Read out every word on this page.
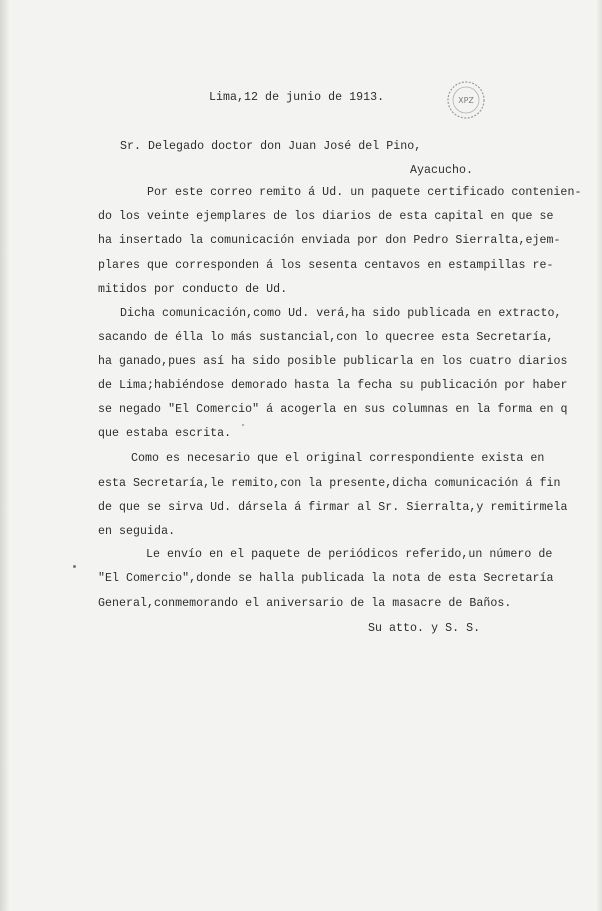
Lima,12 de junio de 1913.	XPZ
Sr. Delegado doctor don Juan José del Pino,
Ayacucho.
Por este correo remito á Ud. un paquete certificado contenien-
do los veinte ejemplares de los diarios de esta capital en que se
ha insertado la comunicación enviada por don Pedro Sierralta,ejem-
plares que corresponden á los sesenta centavos en estampillas re-
mitidos por conducto de Ud.
Dicha comunicación,como Ud. verá,ha sido publicada en extracto,
sacando de élla lo más sustancial,con lo quecree esta Secretaría,
ha ganado,pues así ha sido posible publicarla en los cuatro diarios
de Lima;habiéndose demorado hasta la fecha su publicación por haber
se negado "El Comercio" á acogerla en sus columnas en la forma en q
que estaba escrita.
Como es necesario que el original correspondiente exista en
esta Secretaría,le remito,con la presente,dicha comunicación á fin
de que se sirva Ud. dársela á firmar al Sr. Sierralta,y remitirmela
en seguida.
Le envío en el paquete de periódicos referido,un número de
"El Comercio",donde se halla publicada la nota de esta Secretaría
General,conmemorando el aniversario de la masacre de Baños.
Su atto. y S. S.
